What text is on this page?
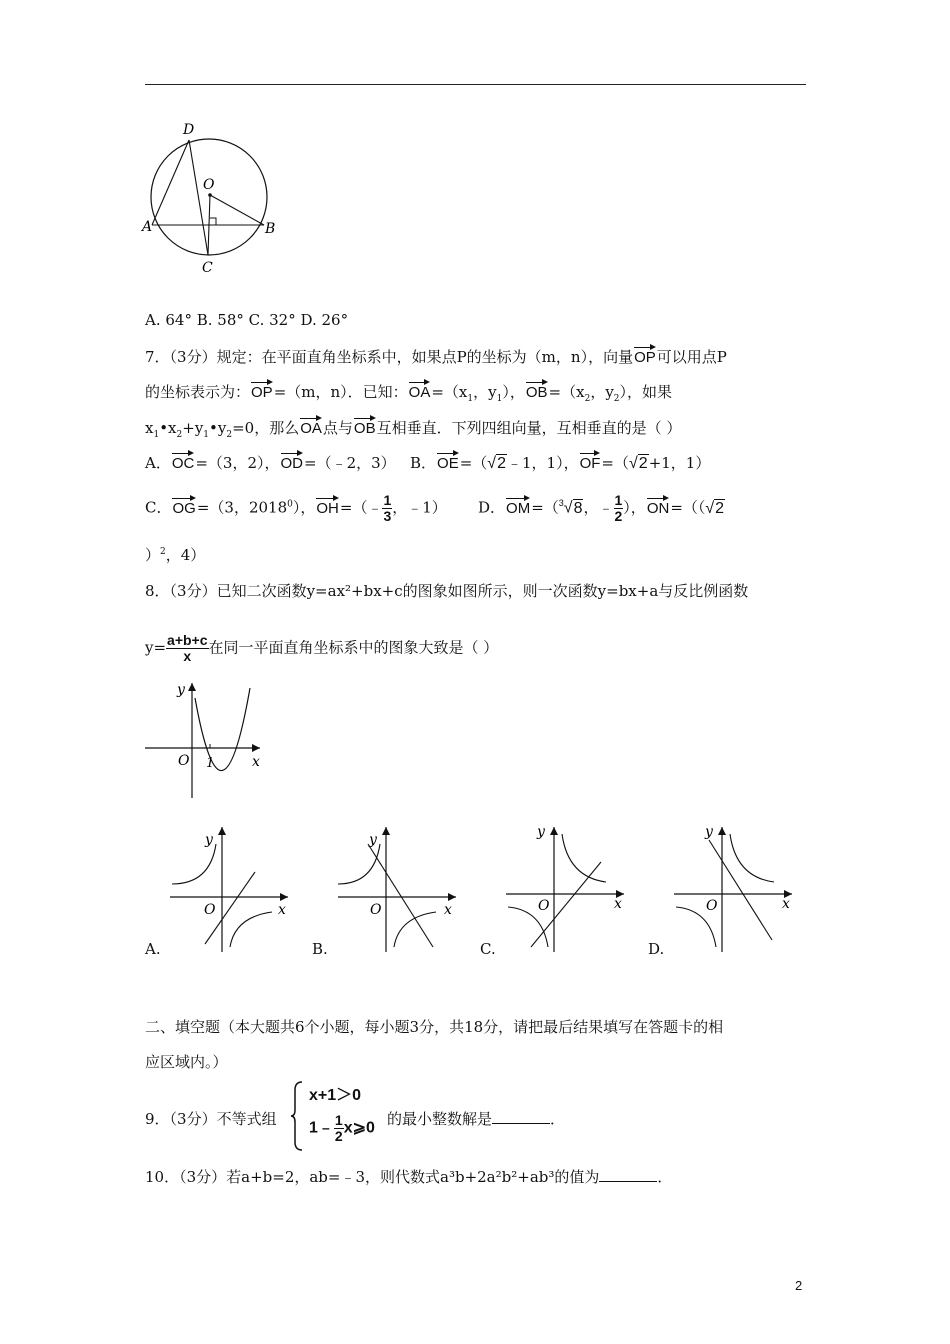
D
O
A	B
C
A. 64° B. 58° C. 32° D. 26°
7．（3分）规定：在平面直角坐标系中，如果点P的坐标为（m，n），向量OP可以用点P
的坐标表示为：OP=（m，n）．已知：$OA=(x_1$，$y_1$），$OB=(x_2$，$y_2$），如果
$x_1•x_2+y_1•y_2=0$，那么OA点与OB互相垂直．下列四组向量，互相垂直的是（ ）
A．OC=（3，2），OD=（﹣2，3） B．OE=（√2﹣1，1），OF=（√2+1，1）
C．OG=（3，2018$^0$），OH=（﹣ $\frac{1}{3}$ ，﹣1） D．OM=（$^3$√8，﹣ $\frac{1}{2}$ ），ON=（（√2
）$^2$，4）
8．（3分）已知二次函数y=ax²+bx+c的图象如图所示，则一次函数y=bx+a与反比例函数
$y= \frac{a+b+c}{x}$ 在同一平面直角坐标系中的图象大致是（ ）
y
O 1	x
y
O	x
y
O	x
y
O	x
y
O	x
A.	B.	C.	D.
二、填空题（本大题共6个小题，每小题3分，共18分，请把最后结果填写在答题卡的相
应区域内。）
9．（3分）不等式组
x+1＞0
1﹣ $\frac{1}{2}$ x⩾0
的最小整数解是	．
10．（3分）若a+b=2，ab=﹣3，则代数式a³b+2a²b²+ab³的值为	．
2
